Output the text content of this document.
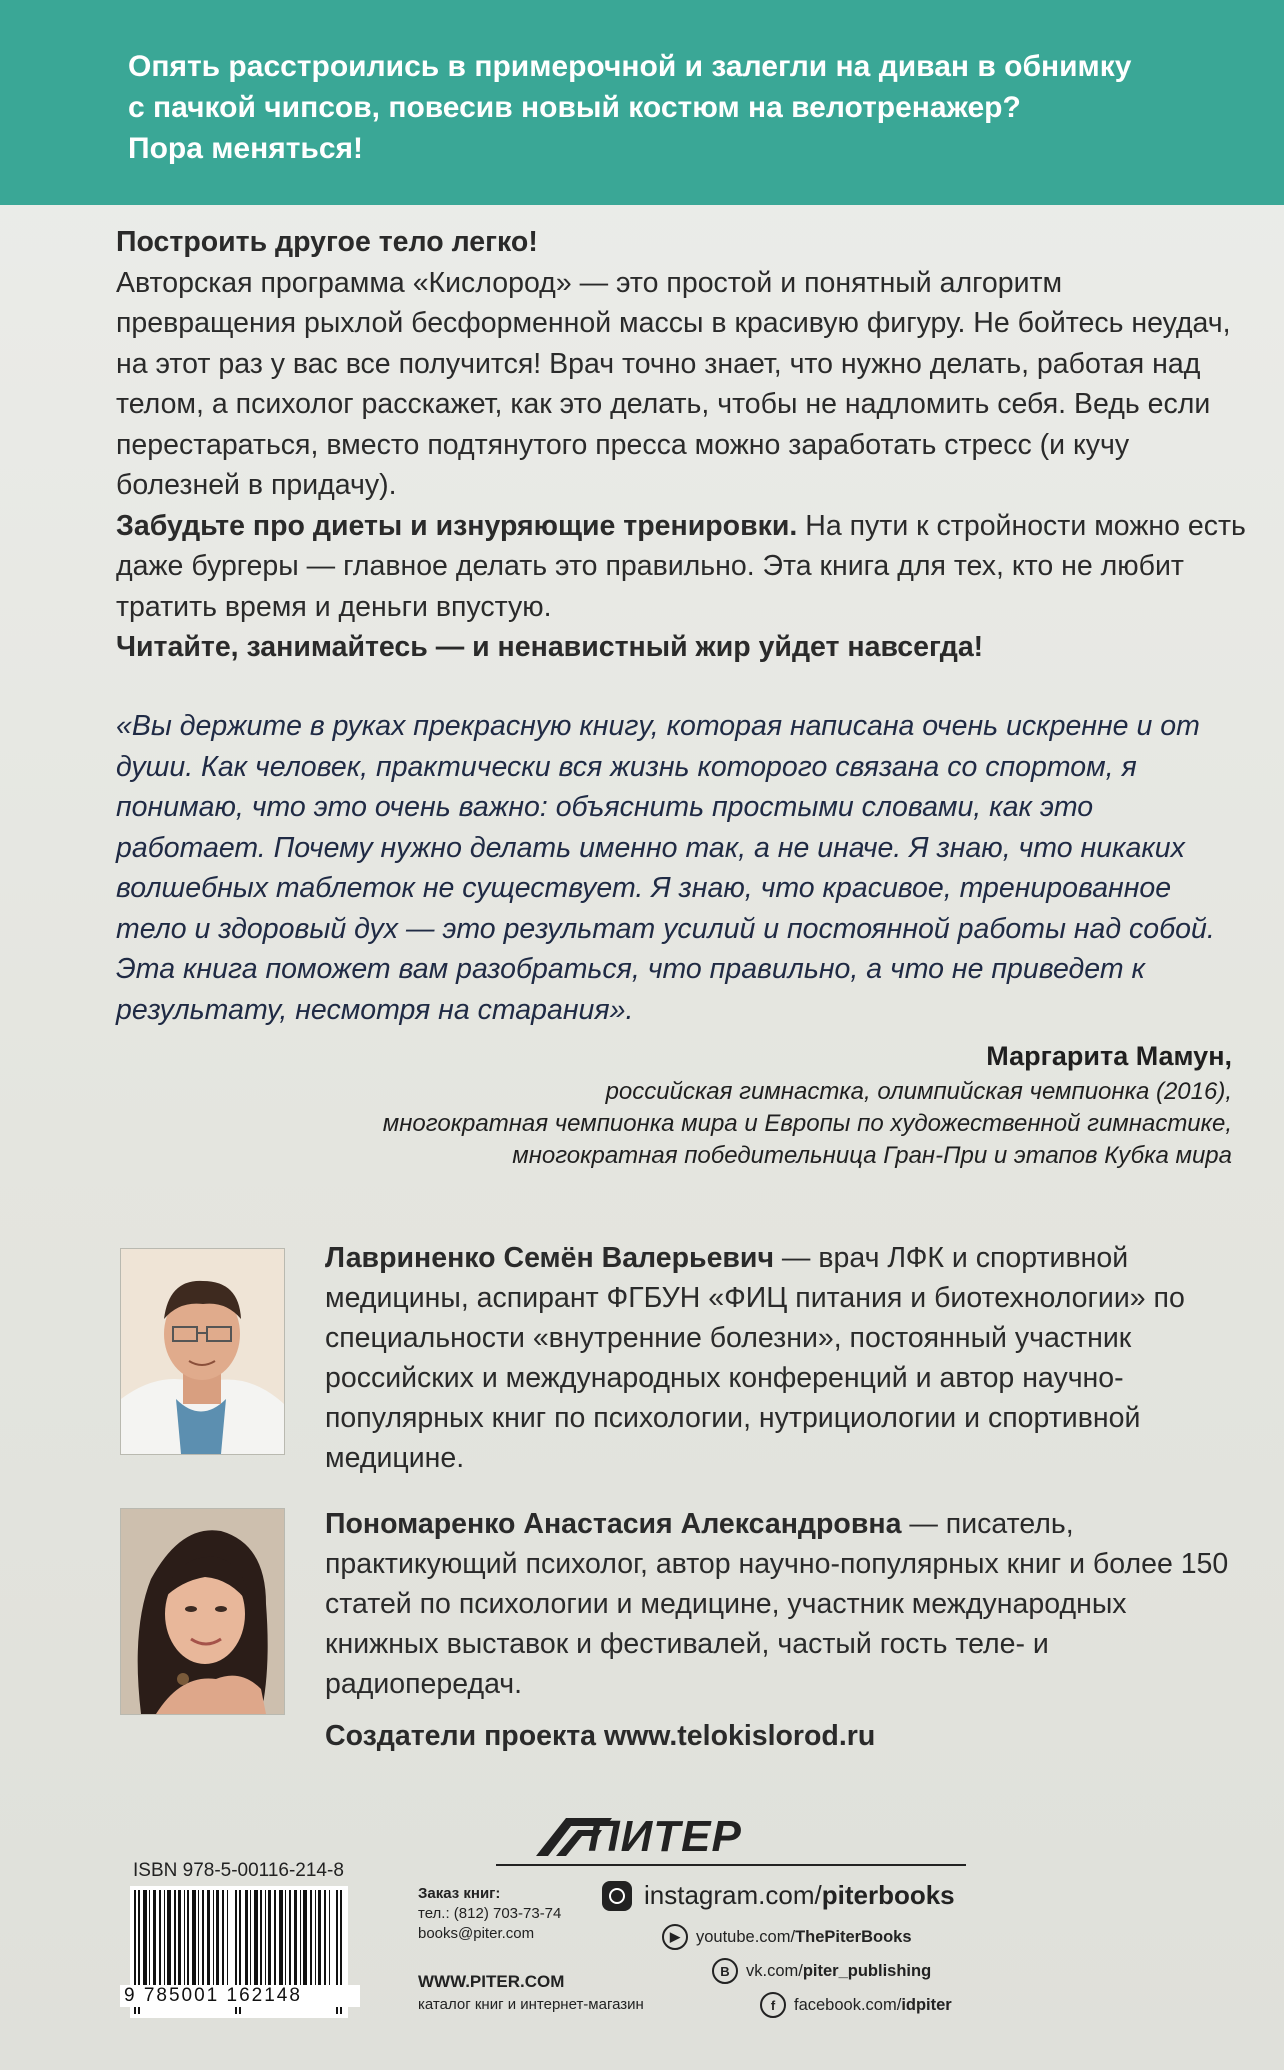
Опять расстроились в примерочной и залегли на диван в обнимку
с пачкой чипсов, повесив новый костюм на велотренажер?
Пора меняться!

Построить другое тело легко!

Авторская программа «Кислород» — это простой и понятный алгоритм превращения рыхлой бесформенной массы в красивую фигуру. Не бойтесь неудач, на этот раз у вас все получится! Врач точно знает, что нужно делать, работая над телом, а психолог расскажет, как это делать, чтобы не надломить себя. Ведь если перестараться, вместо подтянутого пресса можно заработать стресс (и кучу болезней в придачу).

Забудьте про диеты и изнуряющие тренировки. На пути к стройности можно есть даже бургеры — главное делать это правильно. Эта книга для тех, кто не любит тратить время и деньги впустую.

Читайте, занимайтесь — и ненавистный жир уйдет навсегда!

«Вы держите в руках прекрасную книгу, которая написана очень искренне и от души. Как человек, практически вся жизнь которого связана со спортом, я понимаю, что это очень важно: объяснить простыми словами, как это работает. Почему нужно делать именно так, а не иначе. Я знаю, что никаких волшебных таблеток не существует. Я знаю, что красивое, тренированное тело и здоровый дух — это результат усилий и постоянной работы над собой. Эта книга поможет вам разобраться, что правильно, а что не приведет к результату, несмотря на старания».

Маргарита Мамун,
российская гимнастка, олимпийская чемпионка (2016),
многократная чемпионка мира и Европы по художественной гимнастике,
многократная победительница Гран-При и этапов Кубка мира

Лавриненко Семён Валерьевич — врач ЛФК и спортивной медицины, аспирант ФГБУН «ФИЦ питания и биотехнологии» по специальности «внутренние болезни», постоянный участник российских и международных конференций и автор научно-популярных книг по психологии, нутрициологии и спортивной медицине.

Пономаренко Анастасия Александровна — писатель, практикующий психолог, автор научно-популярных книг и более 150 статей по психологии и медицине, участник международных книжных выставок и фестивалей, частый гость теле- и радиопередач.

Создатели проекта www.telokislorod.ru

ПИТЕР
ISBN 978-5-00116-214-8
9 785001 162148
Заказ книг:
тел.: (812) 703-73-74
books@piter.com
WWW.PITER.COM
каталог книг и интернет-магазин
instagram.com/ piterbooks
▶ youtube.com/ ThePiterBooks
B vk.com/ piter_publishing
f	facebook.com/ idpiter
